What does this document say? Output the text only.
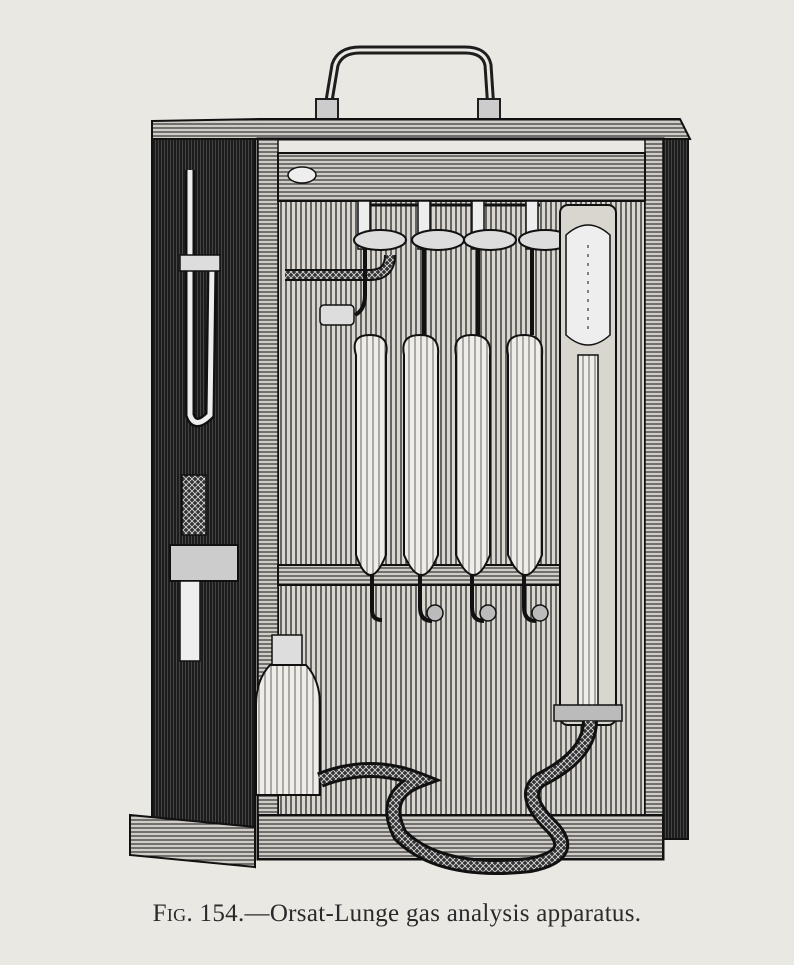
Fig. 154.—Orsat-Lunge gas analysis apparatus.
